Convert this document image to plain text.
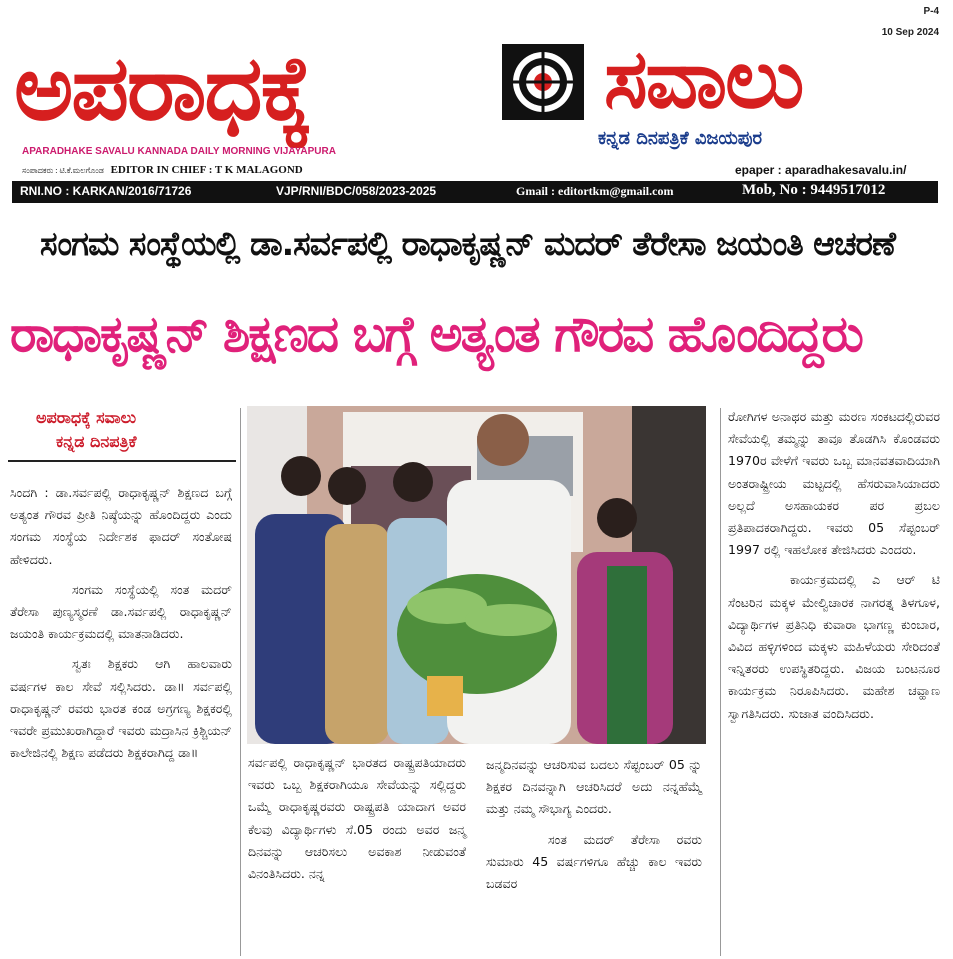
P-4
10 Sep 2024
ಅಪರಾಧಕ್ಕೆ	ಸವಾಲು
APARADHAKE SAVALU KANNADA DAILY MORNING VIJAYAPURA
ಸಂಪಾದಕರು : ಟಿ.ಕೆ.ಮಲಗೊಂಡ EDITOR IN CHIEF : T K MALAGOND
ಕನ್ನಡ ದಿನಪತ್ರಿಕೆ ವಿಜಯಪುರ
epaper : aparadhakesavalu.in/
RNI.NO : KARKAN/2016/71726	VJP/RNI/BDC/058/2023-2025	Gmail : editortkm@gmail.com	Mob, No : 9449517012
ಸಂಗಮ ಸಂಸ್ಥೆಯಲ್ಲಿ ಡಾ.ಸರ್ವಪಲ್ಲಿ ರಾಧಾಕೃಷ್ಣನ್ ಮದರ್ ತೆರೇಸಾ ಜಯಂತಿ ಆಚರಣೆ
ರಾಧಾಕೃಷ್ಣನ್ ಶಿಕ್ಷಣದ ಬಗ್ಗೆ ಅತ್ಯಂತ ಗೌರವ ಹೊಂದಿದ್ದರು
ಅಪರಾಧಕ್ಕೆ ಸವಾಲು
ಕನ್ನಡ ದಿನಪತ್ರಿಕೆ

ಸಿಂದಗಿ : ಡಾ.ಸರ್ವಪಲ್ಲಿ ರಾಧಾಕೃಷ್ಣನ್ ಶಿಕ್ಷಣದ ಬಗ್ಗೆ ಅತ್ಯಂತ ಗೌರವ ಪ್ರೀತಿ ನಿಷ್ಠೆಯನ್ನು ಹೊಂದಿದ್ದರು ಎಂದು ಸಂಗಮ ಸಂಸ್ಥೆಯ ನಿರ್ದೇಶಕ ಫಾದರ್ ಸಂತೋಷ ಹೇಳಿದರು.

ಸಂಗಮ ಸಂಸ್ಥೆಯಲ್ಲಿ ಸಂತ ಮದರ್ ತೆರೇಸಾ ಪುಣ್ಯಸ್ಮರಣೆ ಡಾ.ಸರ್ವಪಲ್ಲಿ ರಾಧಾಕೃಷ್ಣನ್ ಜಯಂತಿ ಕಾರ್ಯಕ್ರಮದಲ್ಲಿ ಮಾತನಾಡಿದರು.

ಸ್ವತಃ ಶಿಕ್ಷಕರು ಆಗಿ ಹಾಲವಾರು ವರ್ಷಗಳ ಕಾಲ ಸೇವೆ ಸಲ್ಲಿಸಿದರು. ಡಾ॥ ಸರ್ವಪಲ್ಲಿ ರಾಧಾಕೃಷ್ಣನ್ ರವರು ಭಾರತ ಕಂಡ ಅಗ್ರಗಣ್ಯ ಶಿಕ್ಷಕರಲ್ಲಿ ಇವರೇ ಪ್ರಮುಖರಾಗಿದ್ದಾರೆ ಇವರು ಮದ್ರಾಸಿನ ಕ್ರಿಶ್ಚಿಯನ್ ಕಾಲೇಜಿನಲ್ಲಿ ಶಿಕ್ಷಣ ಪಡೆದರು ಶಿಕ್ಷಕರಾಗಿದ್ದ ಡಾ॥

ಸರ್ವಪಲ್ಲಿ ರಾಧಾಕೃಷ್ಣನ್ ಭಾರತದ ರಾಷ್ಟ್ರಪತಿಯಾದರು ಇವರು ಒಬ್ಬ ಶಿಕ್ಷಕರಾಗಿಯೂ ಸೇವೆಯನ್ನು ಸಲ್ಲಿದ್ದರು ಒಮ್ಮೆ ರಾಧಾಕೃಷ್ಣರವರು ರಾಷ್ಟ್ರಪತಿ ಯಾದಾಗ ಅವರ ಕೆಲವು ವಿದ್ಯಾರ್ಥಿಗಳು ಸೆ.05 ರಂದು ಅವರ ಜನ್ಮ ದಿನವನ್ನು ಆಚರಿಸಲು ಅವಕಾಶ ನೀಡುವಂತೆ ವಿನಂತಿಸಿದರು. ನನ್ನ

ಜನ್ಮದಿನವನ್ನು ಆಚರಿಸುವ ಬದಲು ಸೆಪ್ಟಂಬರ್ 05 ನ್ನು ಶಿಕ್ಷಕರ ದಿನವನ್ನಾಗಿ ಆಚರಿಸಿದರೆ ಅದು ನನ್ನಹೆಮ್ಮೆ ಮತ್ತು ನಮ್ಮ ಸೌಭಾಗ್ಯ ಎಂದರು.

ಸಂತ ಮದರ್ ತೆರೇಸಾ ರವರು ಸುಮಾರು 45 ವರ್ಷಗಳಿಗೂ ಹೆಚ್ಚು ಕಾಲ ಇವರು ಬಡವರ

ರೋಗಿಗಳ ಅನಾಥರ ಮತ್ತು ಮರಣ ಸಂಕಟದಲ್ಲಿರುವರ ಸೇವೆಯಲ್ಲಿ ತಮ್ಮನ್ನು ತಾವೂ ತೊಡಗಿಸಿ ಕೊಂಡವರು 1970ರ ವೇಳೆಗೆ ಇವರು ಒಬ್ಬ ಮಾನವತವಾದಿಯಾಗಿ ಅಂತರಾಷ್ಟ್ರೀಯ ಮಟ್ಟದಲ್ಲಿ ಹೆಸರುವಾಸಿಯಾದರು ಅಲ್ಲದೆ ಅಸಹಾಯಕರ ಪರ ಪ್ರಬಲ ಪ್ರತಿಪಾದಕರಾಗಿದ್ದರು. ಇವರು 05 ಸೆಪ್ಟಂಬರ್ 1997 ರಲ್ಲಿ ಇಹಲೋಕ ತೇಜಿಸಿದರು ಎಂದರು.

ಕಾರ್ಯಕ್ರಮದಲ್ಲಿ ಎ ಆರ್ ಟಿ ಸೆಂಟರಿನ ಮಕ್ಕಳ ಮೇಲ್ವಿಚಾರಕ ನಾಗರತ್ನ ತಿಳಗೂಳ, ವಿದ್ಯಾರ್ಥಿಗಳ ಪ್ರತಿನಿಧಿ ಕುವಾರಾ ಭಾಗಣ್ಣ ಕುಂಬಾರ, ವಿವಿದ ಹಳ್ಳಿಗಳಿಂದ ಮಕ್ಕಳು ಮಹಿಳೆಯರು ಸೇರಿದಂತೆ ಇನ್ನಿತರರು ಉಪಸ್ಥಿತರಿದ್ದರು. ವಿಜಯ ಬಂಟನೂರ ಕಾರ್ಯಕ್ರಮ ನಿರೂಪಿಸಿದರು. ಮಹೇಶ ಚವ್ಹಾಣ ಸ್ವಾಗತಿಸಿದರು. ಸುಜಾತ ವಂದಿಸಿದರು.
